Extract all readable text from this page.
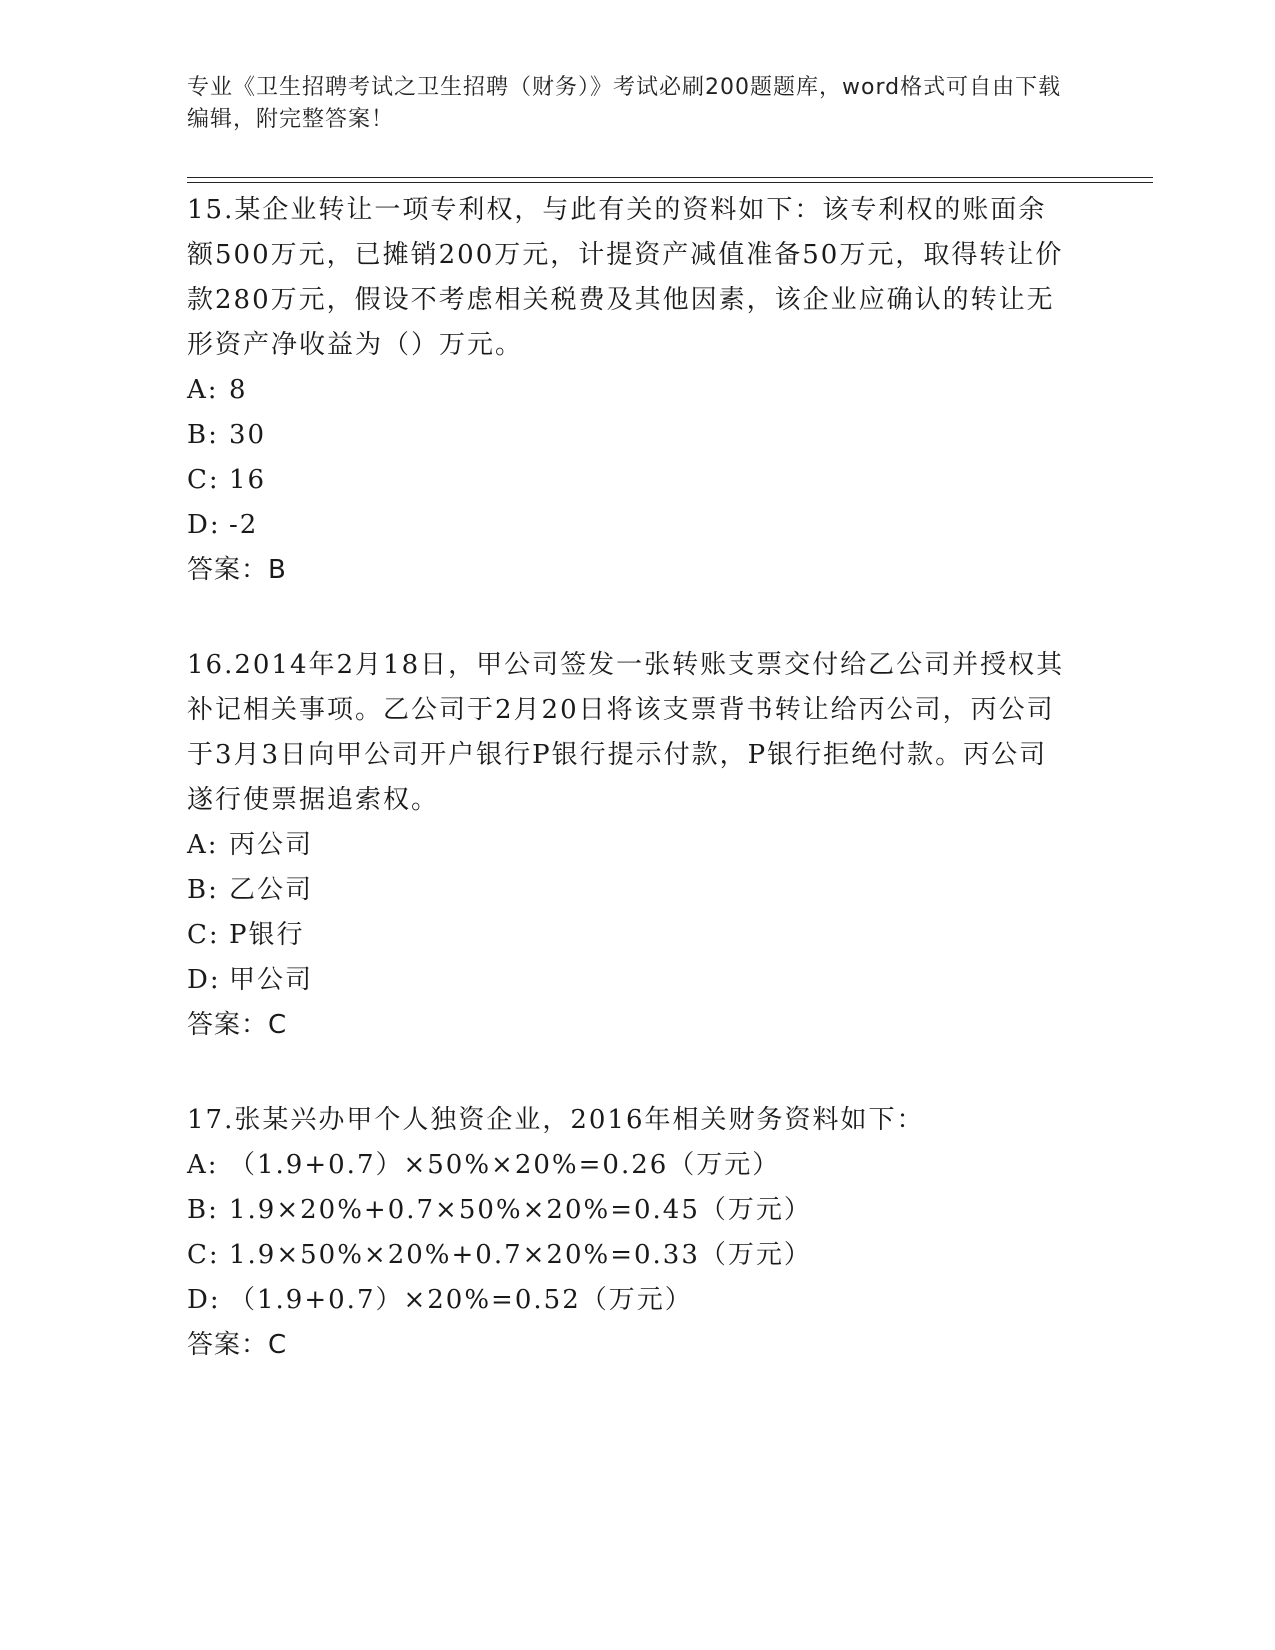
专业《卫生招聘考试之卫生招聘（财务）》考试必刷200题题库，word格式可自由下载编辑，附完整答案！

15.某企业转让一项专利权，与此有关的资料如下：该专利权的账面余额500万元，已摊销200万元，计提资产减值准备50万元，取得转让价款280万元，假设不考虑相关税费及其他因素，该企业应确认的转让无形资产净收益为（）万元。

A: 8
B: 30
C: 16
D: -2
答案：B

16.2014年2月18日，甲公司签发一张转账支票交付给乙公司并授权其补记相关事项。乙公司于2月20日将该支票背书转让给丙公司，丙公司于3月3日向甲公司开户银行P银行提示付款，P银行拒绝付款。丙公司遂行使票据追索权。

A: 丙公司
B: 乙公司
C: P银行
D: 甲公司
答案：C

17.张某兴办甲个人独资企业，2016年相关财务资料如下：

A: （1.9+0.7）×50%×20%=0.26（万元）
B: 1.9×20%+0.7×50%×20%=0.45（万元）
C: 1.9×50%×20%+0.7×20%=0.33（万元）
D: （1.9+0.7）×20%=0.52（万元）
答案：C
